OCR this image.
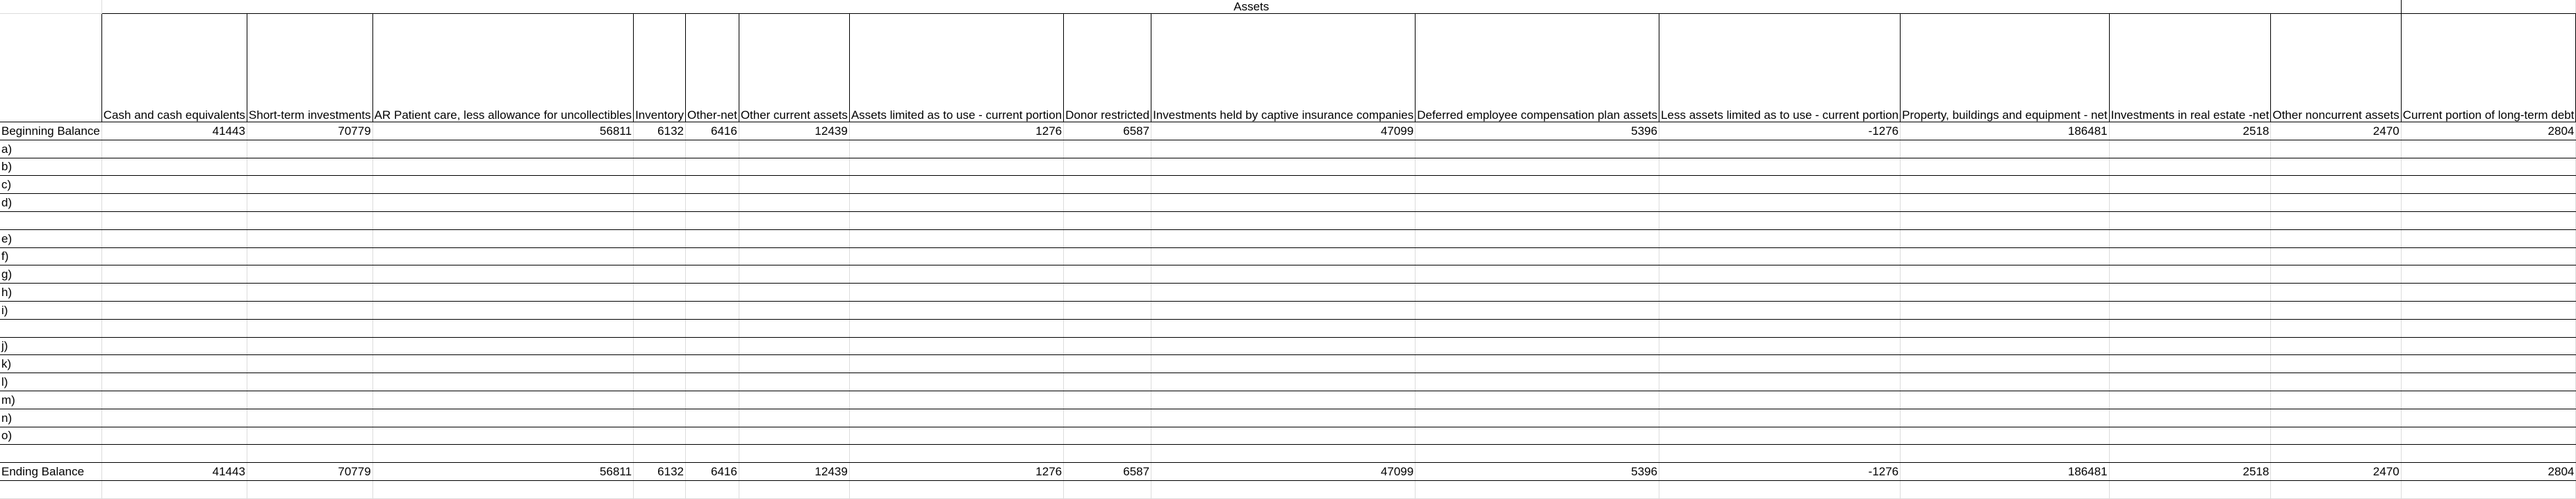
	Assets														
	Cash and cash equivalents	Short-term investments	AR Patient care, less allowance for uncollectibles	Inventory	Other-net	Other current assets	Assets limited as to use - current portion	Donor restricted	Investments held by captive insurance companies	Deferred employee compensation plan assets	Less assets limited as to use - current portion	Property, buildings and equipment - net	Investments in real estate -net	Other noncurrent assets	Current portion of long-term debt
Beginning Balance	41443	70779	56811	6132	6416	12439	1276	6587	47099	5396	-1276	186481	2518	2470	2804
a)															
b)															
c)															
d)															

e)															
f)															
g)															
h)															
i)															

j)															
k)															
l)															
m)															
n)															
o)															

Ending Balance	41443	70779	56811	6132	6416	12439	1276	6587	47099	5396	-1276	186481	2518	2470	2804
